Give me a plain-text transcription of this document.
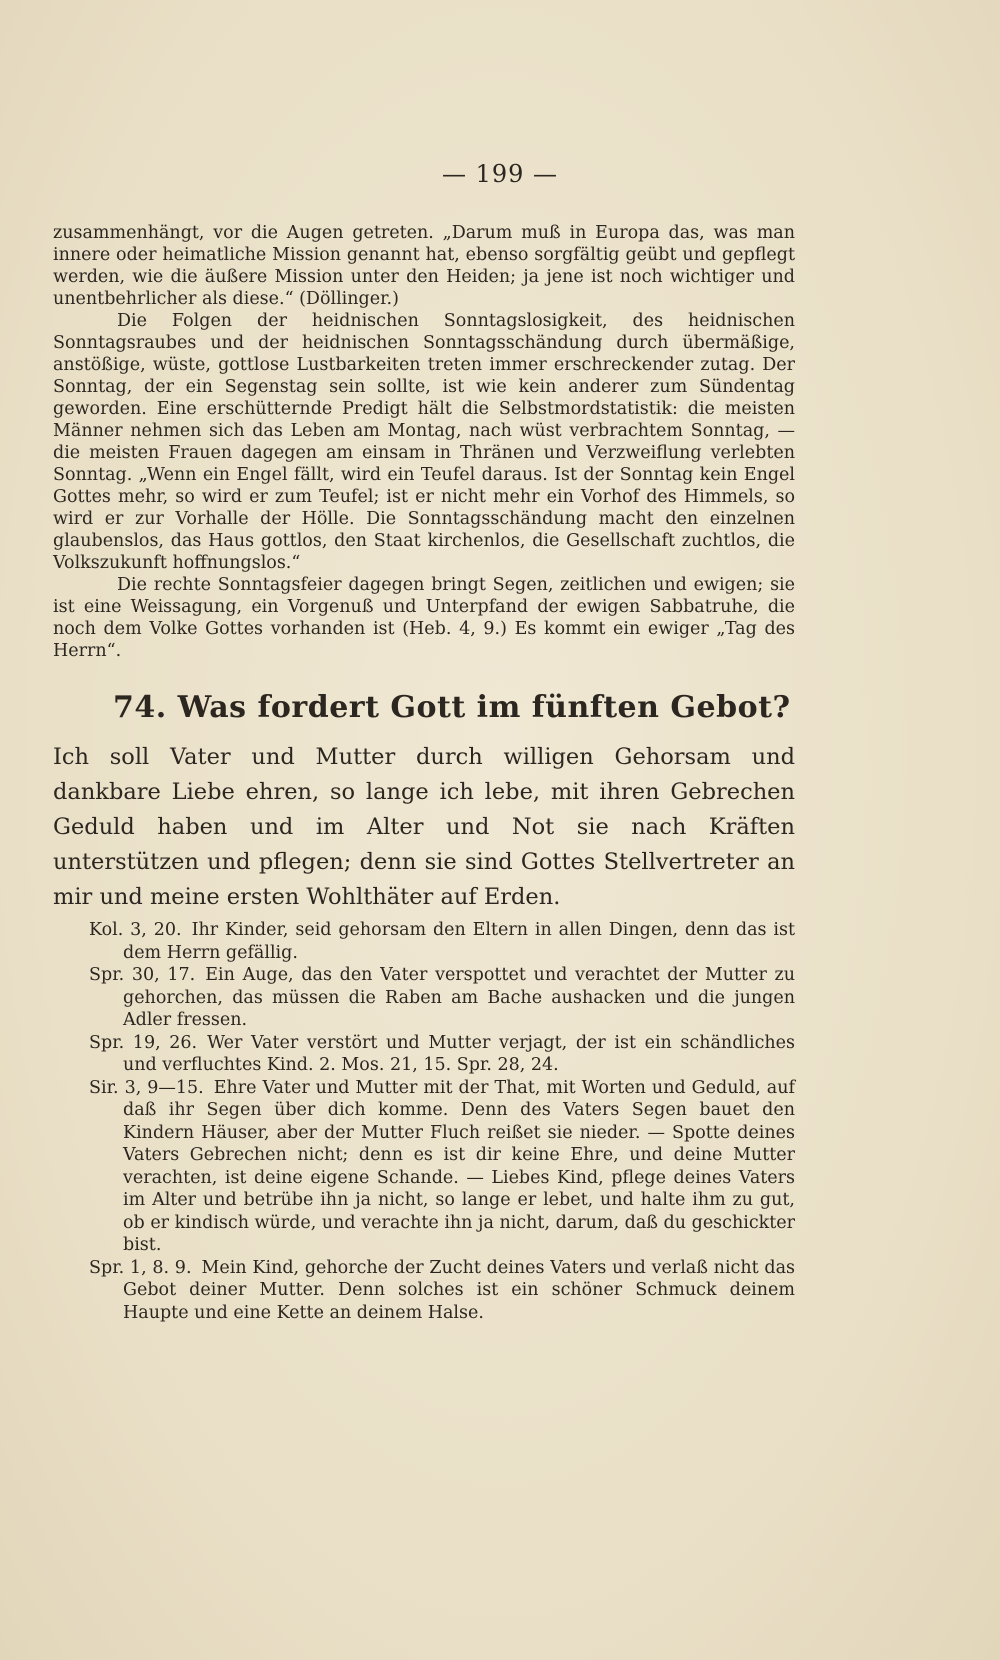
— 199 —

zusammenhängt, vor die Augen getreten. „Darum muß in Europa das, was man innere oder heimatliche Mission genannt hat, ebenso sorgfältig geübt und gepflegt werden, wie die äußere Mission unter den Heiden; ja jene ist noch wichtiger und unentbehrlicher als diese.“ (Döllinger.)

Die Folgen der heidnischen Sonntagslosigkeit, des heidnischen Sonntagsraubes und der heidnischen Sonntagsschändung durch übermäßige, anstößige, wüste, gottlose Lustbarkeiten treten immer erschreckender zutag. Der Sonntag, der ein Segenstag sein sollte, ist wie kein anderer zum Sündentag geworden. Eine erschütternde Predigt hält die Selbstmordstatistik: die meisten Männer nehmen sich das Leben am Montag, nach wüst verbrachtem Sonntag, — die meisten Frauen dagegen am einsam in Thränen und Verzweiflung verlebten Sonntag. „Wenn ein Engel fällt, wird ein Teufel daraus. Ist der Sonntag kein Engel Gottes mehr, so wird er zum Teufel; ist er nicht mehr ein Vorhof des Himmels, so wird er zur Vorhalle der Hölle. Die Sonntagsschändung macht den einzelnen glaubenslos, das Haus gottlos, den Staat kirchenlos, die Gesellschaft zuchtlos, die Volkszukunft hoffnungslos.“

Die rechte Sonntagsfeier dagegen bringt Segen, zeitlichen und ewigen; sie ist eine Weissagung, ein Vorgenuß und Unterpfand der ewigen Sabbatruhe, die noch dem Volke Gottes vorhanden ist (Heb. 4, 9.) Es kommt ein ewiger „Tag des Herrn“.

74. Was fordert Gott im fünften Gebot?

Ich soll Vater und Mutter durch willigen Gehorsam und dankbare Liebe ehren, so lange ich lebe, mit ihren Gebrechen Geduld haben und im Alter und Not sie nach Kräften unterstützen und pflegen; denn sie sind Gottes Stellvertreter an mir und meine ersten Wohlthäter auf Erden.

Kol. 3, 20. Ihr Kinder, seid gehorsam den Eltern in allen Dingen, denn das ist dem Herrn gefällig.

Spr. 30, 17. Ein Auge, das den Vater verspottet und verachtet der Mutter zu gehorchen, das müssen die Raben am Bache aushacken und die jungen Adler fressen.

Spr. 19, 26. Wer Vater verstört und Mutter verjagt, der ist ein schändliches und verfluchtes Kind. 2. Mos. 21, 15. Spr. 28, 24.

Sir. 3, 9—15. Ehre Vater und Mutter mit der That, mit Worten und Geduld, auf daß ihr Segen über dich komme. Denn des Vaters Segen bauet den Kindern Häuser, aber der Mutter Fluch reißet sie nieder. — Spotte deines Vaters Gebrechen nicht; denn es ist dir keine Ehre, und deine Mutter verachten, ist deine eigene Schande. — Liebes Kind, pflege deines Vaters im Alter und betrübe ihn ja nicht, so lange er lebet, und halte ihm zu gut, ob er kindisch würde, und verachte ihn ja nicht, darum, daß du geschickter bist.

Spr. 1, 8. 9. Mein Kind, gehorche der Zucht deines Vaters und verlaß nicht das Gebot deiner Mutter. Denn solches ist ein schöner Schmuck deinem Haupte und eine Kette an deinem Halse.
